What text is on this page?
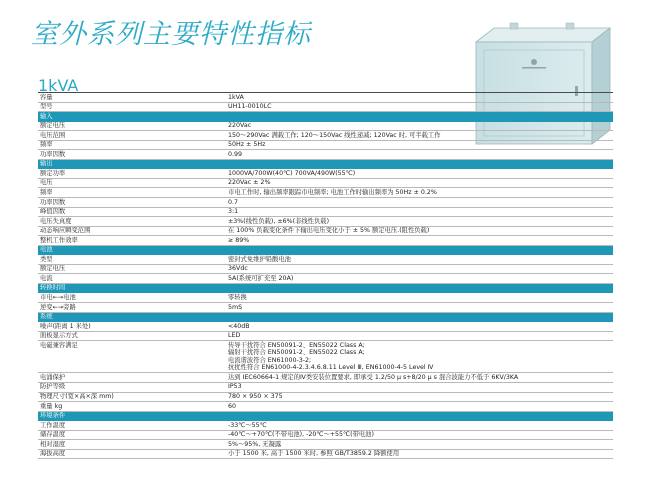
室外系列主要特性指标
1kVA
容量	1kVA

型号	UH11-0010LC

输入	
额定电压	220Vac

电压范围	150～290Vac 满载工作; 120～150Vac 线性递减; 120Vac 时, 可半载工作

频率	50Hz ± 5Hz

功率因数	0.99

输出	
额定功率	1000VA/700W(40℃) 700VA/490W(55℃)

电压	220Vac ± 2%

频率	市电工作时, 输出频率跟踪市电频率; 电池工作时输出频率为 50Hz ± 0.2%

功率因数	0.7

峰值因数	3:1

电压失真度	±3%(线性负载), ±6%(非线性负载)

动态响应瞬变范围	在 100% 负载变化条件下输出电压变化小于 ± 5% 额定电压.(阻性负载)

整机工作效率	≥ 89%

电池	
类型	密封式免维护铅酸电池

额定电压	36Vdc

电流	5A(系统可扩充至 20A)

转换时间	
市电←→电池	零转换

逆变←→旁路	5mS

系统	
噪声(距离 1 米处)	<40dB

面板显示方式	LED

电磁兼容满足	传导干扰符合 EN50091-2、EN55022 Class A;
辐射干扰符合 EN50091-2、EN55022 Class A;
电流谐波符合 EN61000-3-2;
抗扰性符合 EN61000-4-2.3.4.6.8.11 Level Ⅲ, EN61000-4-5 Level Ⅳ

电涌保护	达到 IEC60664-1 规定的Ⅳ类安装位置要求, 即承受 1.2/50 μ s+8/20 μ s 混合波能力不低于 6KV/3KA

防护等级	IP53

物理尺寸(宽×高×深 mm)	780 × 950 × 375

重量 kg	60

环境条件	
工作温度	-33℃～55℃

储存温度	-40℃～+70℃(不带电池), -20℃～+55℃(带电池)

相对湿度	5%～95%, 无凝露

海拔高度	小于 1500 米, 高于 1500 米时, 参照 GB/T3859.2 降额使用
